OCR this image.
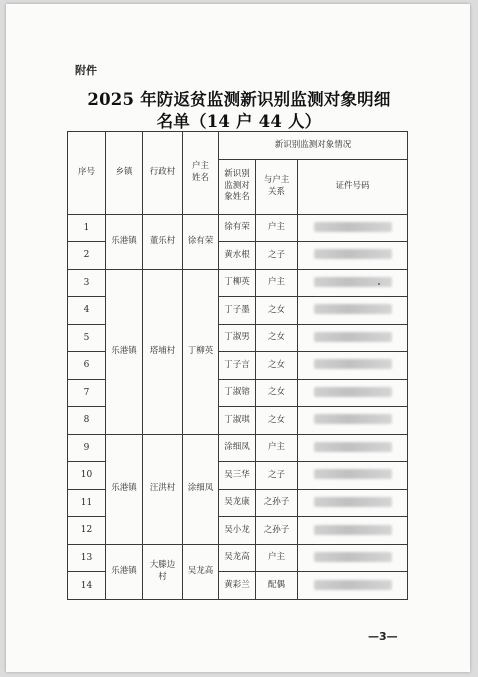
附件
2025 年防返贫监测新识别监测对象明细
名单（14 户 44 人）
序号	乡镇	行政村	户主姓名	新识别监测对象情况		
				新识别监测对象姓名	与户主关系	证件号码
1	乐港镇	董乐村	徐有荣	徐有荣	户主	
2				黄水根	之子	
3	乐港镇	塔埔村	丁柳英	丁柳英	户主	
4				丁子墨	之女	
5				丁淑男	之女	
6				丁子言	之女	
7				丁淑镕	之女	
8				丁淑琪	之女	
9	乐港镇	汪洪村	涂细凤	涂细凤	户主	
10				吴三华	之子	
11				吴龙康	之孙子	
12				吴小龙	之孙子	
13	乐港镇	大滕边村	吴龙高	吴龙高	户主	
14				黄彩兰	配偶	
—3—
